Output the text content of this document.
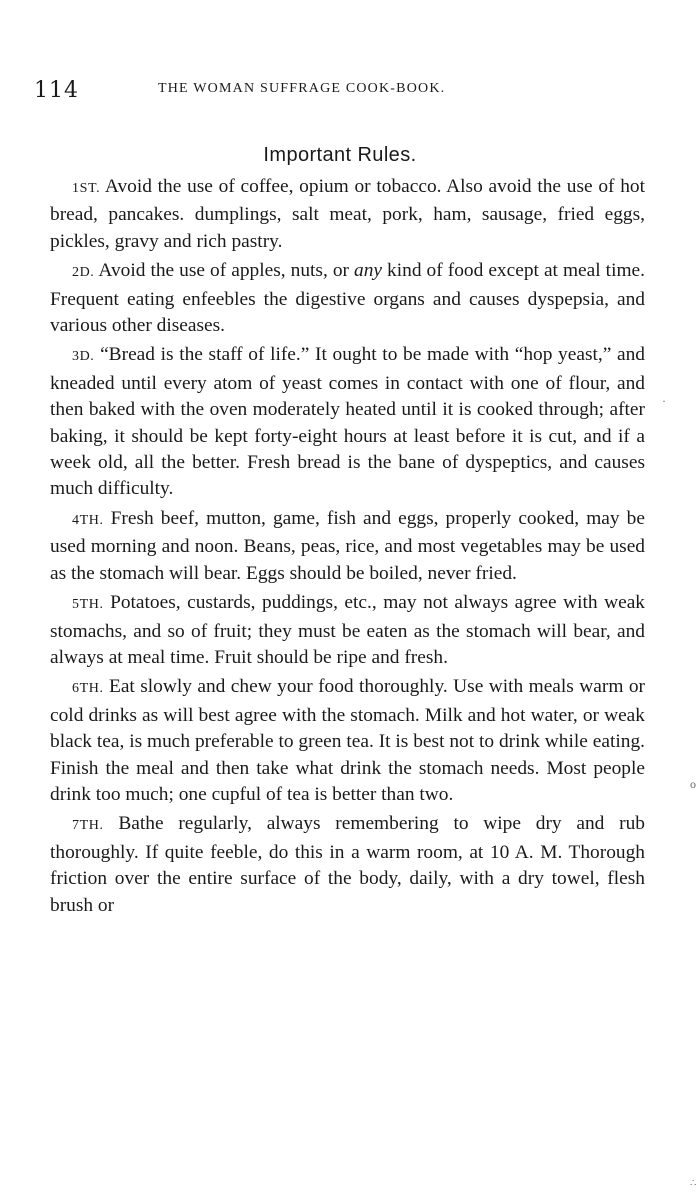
114	THE WOMAN SUFFRAGE COOK-BOOK.
Important Rules.

1ST. Avoid the use of coffee, opium or tobacco. Also avoid the use of hot bread, pancakes. dumplings, salt meat, pork, ham, sausage, fried eggs, pickles, gravy and rich pastry.

2D. Avoid the use of apples, nuts, or any kind of food except at meal time. Frequent eating enfeebles the digestive organs and causes dyspepsia, and various other diseases.

3D. “Bread is the staff of life.” It ought to be made with “hop yeast,” and kneaded until every atom of yeast comes in contact with one of flour, and then baked with the oven moderately heated until it is cooked through; after baking, it should be kept forty-eight hours at least before it is cut, and if a week old, all the better. Fresh bread is the bane of dyspeptics, and causes much difficulty.

4TH. Fresh beef, mutton, game, fish and eggs, properly cooked, may be used morning and noon. Beans, peas, rice, and most vegetables may be used as the stomach will bear. Eggs should be boiled, never fried.

5TH. Potatoes, custards, puddings, etc., may not always agree with weak stomachs, and so of fruit; they must be eaten as the stomach will bear, and always at meal time. Fruit should be ripe and fresh.

6TH. Eat slowly and chew your food thoroughly. Use with meals warm or cold drinks as will best agree with the stomach. Milk and hot water, or weak black tea, is much preferable to green tea. It is best not to drink while eating. Finish the meal and then take what drink the stomach needs. Most people drink too much; one cupful of tea is better than two.

7TH. Bathe regularly, always remembering to wipe dry and rub thoroughly. If quite feeble, do this in a warm room, at 10 A. M. Thorough friction over the entire surface of the body, daily, with a dry towel, flesh brush or

o
·
∴
